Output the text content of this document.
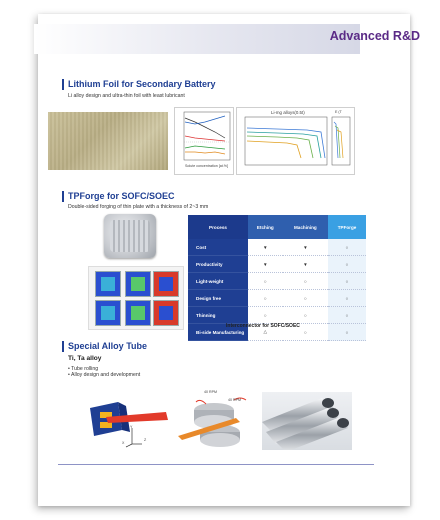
Advanced R&D
Lithium Foil for Secondary Battery
Li alloy design and ultra-thin foil with least lubricant
Solute concentration [at.%]
Li-mg alloys(0.5t)	E (T
TPForge for SOFC/SOEC
Double-sided forging of thin plate with a thickness of 2~3 mm
Process	Etching	Machining	TPForge
Cost	▼	▼	○
Productivity	▼	▼	○
Light-weight	○	○	○
Design free	○	○	○
Thinning	○	○	○
Bi-side Manufacturing	△	○	○
Interconnector for SOFC/SOEC
Special Alloy Tube
Ti, Ta alloy
• Tube rolling
• Alloy design and development
Y
X
Z
40 RPM
40 RPM
